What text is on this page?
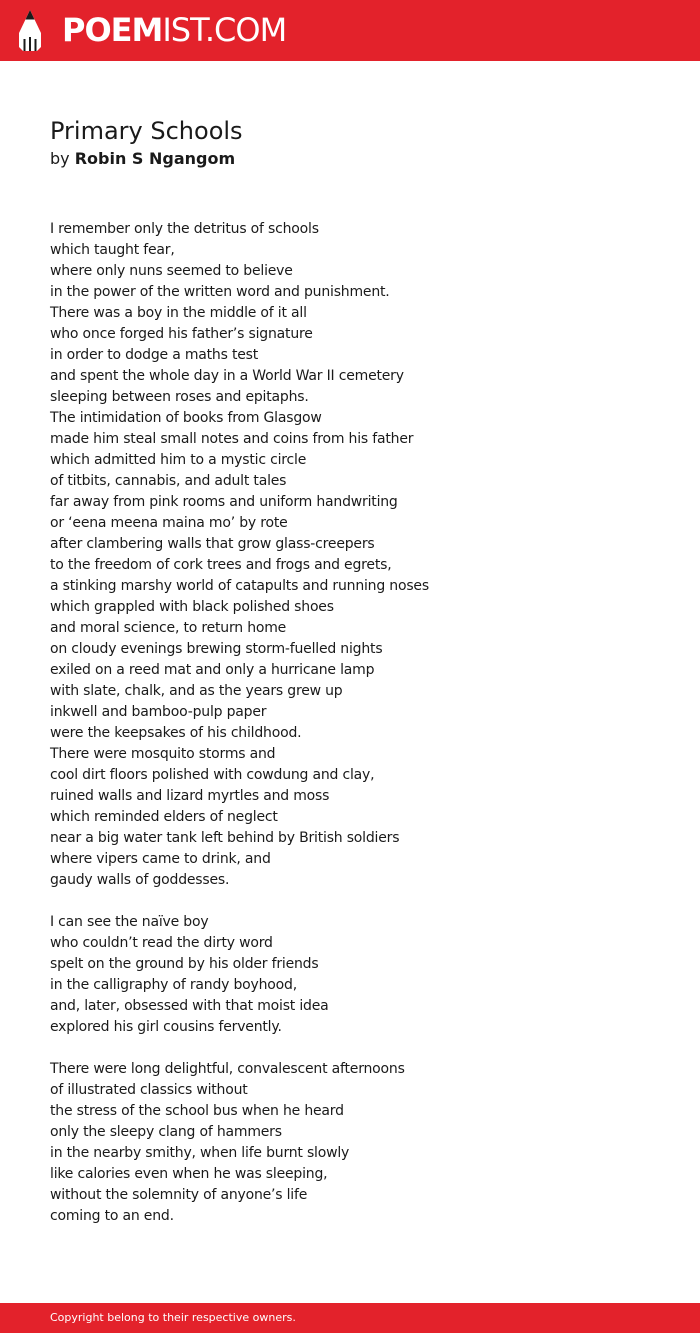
POEMIST.COM
Primary Schools
by Robin S Ngangom
I remember only the detritus of schools
which taught fear,
where only nuns seemed to believe
in the power of the written word and punishment.
There was a boy in the middle of it all
who once forged his father’s signature
in order to dodge a maths test
and spent the whole day in a World War II cemetery
sleeping between roses and epitaphs.
The intimidation of books from Glasgow
made him steal small notes and coins from his father
which admitted him to a mystic circle
of titbits, cannabis, and adult tales
far away from pink rooms and uniform handwriting
or ‘eena meena maina mo’ by rote
after clambering walls that grow glass-creepers
to the freedom of cork trees and frogs and egrets,
a stinking marshy world of catapults and running noses
which grappled with black polished shoes
and moral science, to return home
on cloudy evenings brewing storm-fuelled nights
exiled on a reed mat and only a hurricane lamp
with slate, chalk, and as the years grew up
inkwell and bamboo-pulp paper
were the keepsakes of his childhood.
There were mosquito storms and
cool dirt floors polished with cowdung and clay,
ruined walls and lizard myrtles and moss
which reminded elders of neglect
near a big water tank left behind by British soldiers
where vipers came to drink, and
gaudy walls of goddesses.
I can see the naïve boy
who couldn’t read the dirty word
spelt on the ground by his older friends
in the calligraphy of randy boyhood,
and, later, obsessed with that moist idea
explored his girl cousins fervently.
There were long delightful, convalescent afternoons
of illustrated classics without
the stress of the school bus when he heard
only the sleepy clang of hammers
in the nearby smithy, when life burnt slowly
like calories even when he was sleeping,
without the solemnity of anyone’s life
coming to an end.
Copyright belong to their respective owners.
